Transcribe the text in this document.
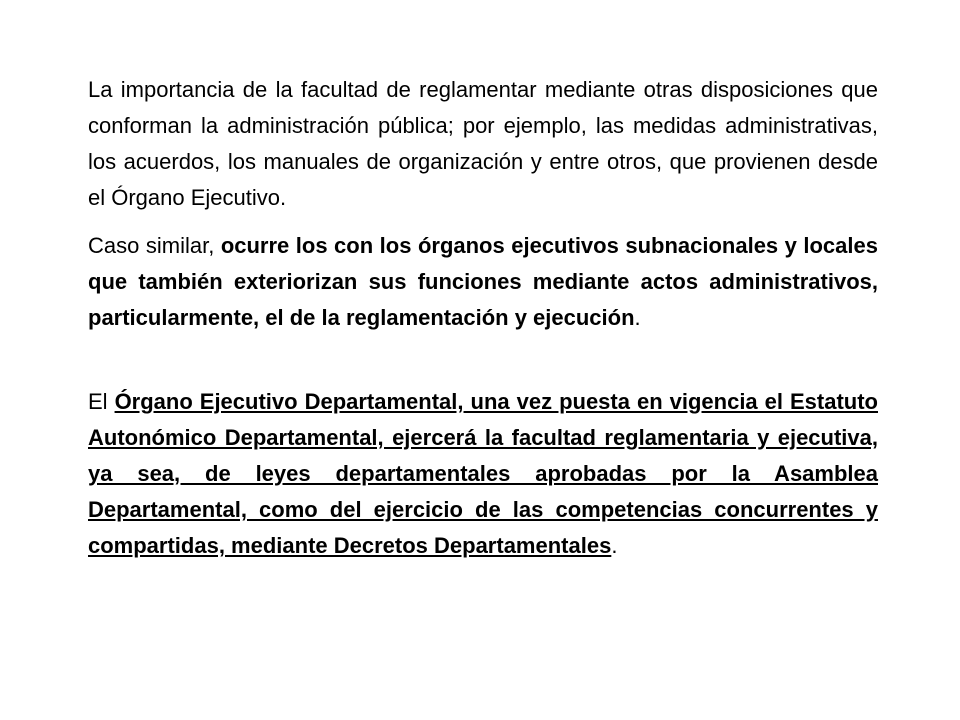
La importancia de la facultad de reglamentar mediante otras disposiciones que conforman la administración pública; por ejemplo, las medidas administrativas, los acuerdos, los manuales de organización y entre otros, que provienen desde el Órgano Ejecutivo.

Caso similar, ocurre los con los órganos ejecutivos subnacionales y locales que también exteriorizan sus funciones mediante actos administrativos, particularmente, el de la reglamentación y ejecución.

El Órgano Ejecutivo Departamental, una vez puesta en vigencia el Estatuto Autonómico Departamental, ejercerá la facultad reglamentaria y ejecutiva, ya sea, de leyes departamentales aprobadas por la Asamblea Departamental, como del ejercicio de las competencias concurrentes y compartidas, mediante Decretos Departamentales.
